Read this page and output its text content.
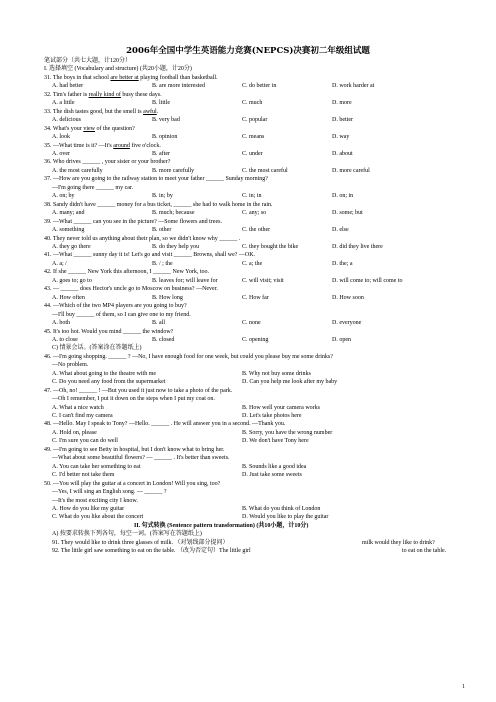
2006年全国中学生英语能力竞赛(NEPCS)决赛初二年级组试题
笔试部分（共七大题，计120分）
I. 选择填空 (Vocabulary and structure) (共20小题，计20分)
31. The boys in that school are better at playing football than basketball.
A. had better	B. are more interested	C. do better in	D. work harder at
32. Tim's father is really kind of busy these days.
A. a little	B. little	C. much	D. more
33. The dish tastes good, but the smell is awful.
A. delicious	B. very bad	C. popular	D. better
34. What's your view of the question?
A. look	B. opinion	C. means	D. way
35. —What time is it? —It's around five o'clock.
A. over	B. after	C. under	D. about
36. Who drives ______ , your sister or your brother?
A. the most carefully	B. more carefully	C. the most careful	D. more careful
37. —How are you going to the railway station to meet your father ______ Sunday morning?
—I'm going there ______ my car.
A. on; by	B. in; by	C. in; in	D. on; in
38. Sandy didn't have ______ money for a bus ticket, ______ she had to walk home in the rain.
A. many; and	B. much; because	C. any; so	D. some; but
39. —What ______ can you see in the picture? —Some flowers and trees.
A. something	B. other	C. the other	D. else
40. They never told us anything about their plan, so we didn't know why ______ .
A. they go there	B. do they help you	C. they bought the bike	D. did they live there
41. —What ______ sunny day it is! Let's go and visit ______ Browns, shall we? —OK.
A. a; /	B. / ; the	C. a; the	D. the; a
42. If she ______ New York this afternoon, I ______ New York, too.
A. goes to; go to	B. leaves for; will leave for	C. will visit; visit	D. will come to; will come to
43. — ______ does Hector's uncle go to Moscow on business? —Never.
A. How often	B. How long	C. How far	D. How soon
44. —Which of the two MP4 players are you going to buy?
—I'll buy ______ of them, so I can give one to my friend.
A. both	B. all	C. none	D. everyone
45. It's too hot. Would you mind ______ the window?
A. to close	B. closed	C. opening	D. open
C) 情景会话。(答案涂在答题纸上)
46. —I'm going shopping. ______ ? —No, I have enough food for one week, but could you please buy me some drinks?
—No problem.
A. What about going to the theatre with me	B. Why not buy some drinks
C. Do you need any food from the supermarket	D. Can you help me look after my baby
47. —Oh, no! ______ ! —But you used it just now to take a photo of the park.
—Oh I remember, I put it down on the steps when I put my coat on.
A. What a nice watch	B. How well your camera works
C. I can't find my camera	D. Let's take photos here
48. —Hello. May I speak to Tony? —Hello. ______ . He will answer you in a second. —Thank you.
A. Hold on, please	B. Sorry, you have the wrong number
C. I'm sure you can do well	D. We don't have Tony here
49. —I'm going to see Betty in hospital, but I don't know what to bring her.
—What about some beautiful flowers? — ______ . It's better than sweets.
A. You can take her something to eat	B. Sounds like a good idea
C. I'd better not take them	D. Just take some sweets
50. —You will play the guitar at a concert in London! Will you sing, too?
—Yes, I will sing an English song. — ______ ?
—It's the most exciting city I know.
A. How do you like my guitar	B. What do you think of London
C. What do you like about the concert	D. Would you like to play the guitar
II. 句式转换 (Sentence pattern transformation) (共10小题，计10分)
A) 按要求转换下列各句，每空一词。(答案写在答题纸上)
91. They would like to drink three glasses of milk. （对划线部分提问）	milk would they like to drink?
92. The little girl saw something to eat on the table. （改为否定句）The little girl	to eat on the table.
1
